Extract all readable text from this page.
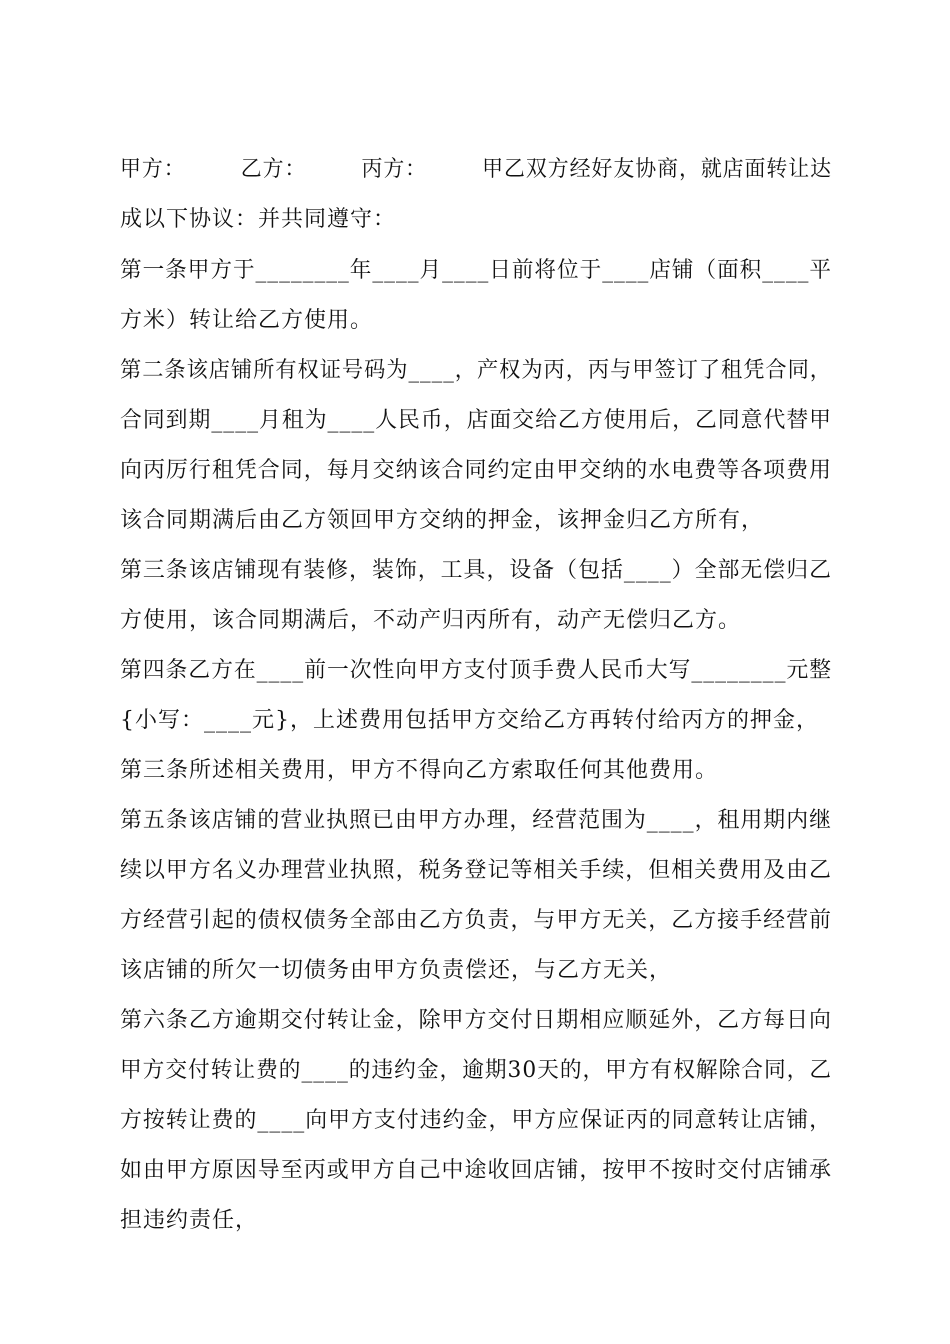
甲方：　　　乙方：　　　丙方：　　　甲乙双方经好友协商，就店面转让达
成以下协议：并共同遵守：
第一条甲方于________年____月____日前将位于____店铺（面积____平
方米）转让给乙方使用。
第二条该店铺所有权证号码为____，产权为丙，丙与甲签订了租凭合同，
合同到期____月租为____人民币，店面交给乙方使用后，乙同意代替甲
向丙厉行租凭合同，每月交纳该合同约定由甲交纳的水电费等各项费用
该合同期满后由乙方领回甲方交纳的押金，该押金归乙方所有，
第三条该店铺现有装修，装饰，工具，设备（包括____）全部无偿归乙
方使用，该合同期满后，不动产归丙所有，动产无偿归乙方。
第四条乙方在____前一次性向甲方支付顶手费人民币大写________元整
{小写：____元}，上述费用包括甲方交给乙方再转付给丙方的押金，
第三条所述相关费用，甲方不得向乙方索取任何其他费用。
第五条该店铺的营业执照已由甲方办理，经营范围为____，租用期内继
续以甲方名义办理营业执照，税务登记等相关手续，但相关费用及由乙
方经营引起的债权债务全部由乙方负责，与甲方无关，乙方接手经营前
该店铺的所欠一切债务由甲方负责偿还，与乙方无关，
第六条乙方逾期交付转让金，除甲方交付日期相应顺延外，乙方每日向
甲方交付转让费的____的违约金，逾期30天的，甲方有权解除合同，乙
方按转让费的____向甲方支付违约金，甲方应保证丙的同意转让店铺，
如由甲方原因导至丙或甲方自己中途收回店铺，按甲不按时交付店铺承
担违约责任，
